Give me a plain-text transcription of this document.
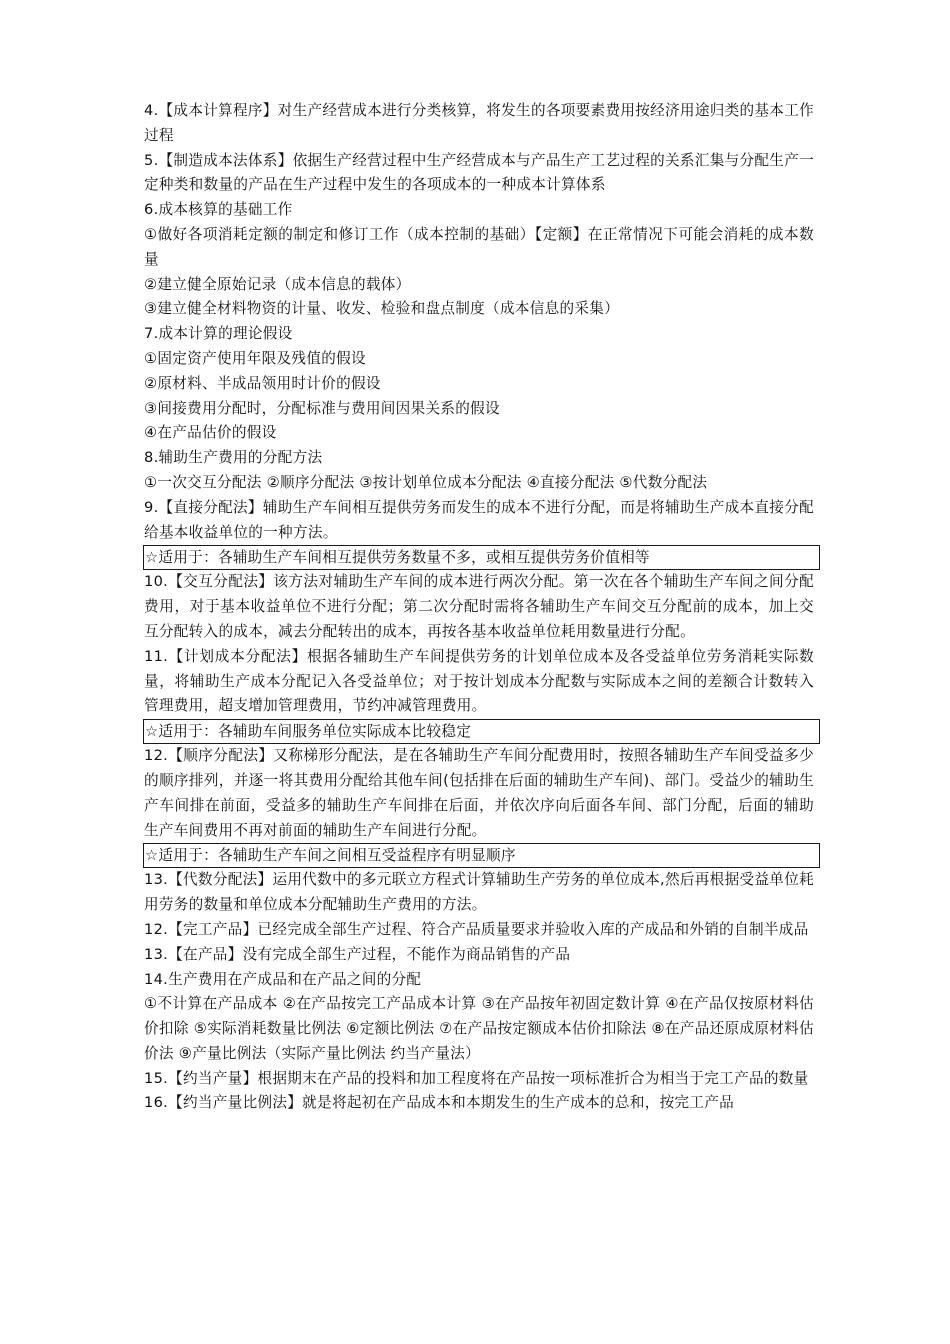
4.【成本计算程序】对生产经营成本进行分类核算，将发生的各项要素费用按经济用途归类的基本工作过程
5.【制造成本法体系】依据生产经营过程中生产经营成本与产品生产工艺过程的关系汇集与分配生产一定种类和数量的产品在生产过程中发生的各项成本的一种成本计算体系
6.成本核算的基础工作
①做好各项消耗定额的制定和修订工作（成本控制的基础）【定额】在正常情况下可能会消耗的成本数量
②建立健全原始记录（成本信息的载体）
③建立健全材料物资的计量、收发、检验和盘点制度（成本信息的采集）
7.成本计算的理论假设
①固定资产使用年限及残值的假设
②原材料、半成品领用时计价的假设
③间接费用分配时，分配标准与费用间因果关系的假设
④在产品估价的假设
8.辅助生产费用的分配方法
①一次交互分配法 ②顺序分配法 ③按计划单位成本分配法 ④直接分配法 ⑤代数分配法
9.【直接分配法】辅助生产车间相互提供劳务而发生的成本不进行分配，而是将辅助生产成本直接分配给基本收益单位的一种方法。
☆适用于：各辅助生产车间相互提供劳务数量不多，或相互提供劳务价值相等
10.【交互分配法】该方法对辅助生产车间的成本进行两次分配。第一次在各个辅助生产车间之间分配费用，对于基本收益单位不进行分配；第二次分配时需将各辅助生产车间交互分配前的成本，加上交互分配转入的成本，减去分配转出的成本，再按各基本收益单位耗用数量进行分配。
11.【计划成本分配法】根据各辅助生产车间提供劳务的计划单位成本及各受益单位劳务消耗实际数量，将辅助生产成本分配记入各受益单位；对于按计划成本分配数与实际成本之间的差额合计数转入管理费用，超支增加管理费用，节约冲减管理费用。
☆适用于：各辅助车间服务单位实际成本比较稳定
12.【顺序分配法】又称梯形分配法，是在各辅助生产车间分配费用时，按照各辅助生产车间受益多少的顺序排列，并逐一将其费用分配给其他车间(包括排在后面的辅助生产车间)、部门。受益少的辅助生产车间排在前面，受益多的辅助生产车间排在后面，并依次序向后面各车间、部门分配，后面的辅助生产车间费用不再对前面的辅助生产车间进行分配。
☆适用于：各辅助生产车间之间相互受益程序有明显顺序
13.【代数分配法】运用代数中的多元联立方程式计算辅助生产劳务的单位成本,然后再根据受益单位耗用劳务的数量和单位成本分配辅助生产费用的方法。
12.【完工产品】已经完成全部生产过程、符合产品质量要求并验收入库的产成品和外销的自制半成品
13.【在产品】没有完成全部生产过程，不能作为商品销售的产品
14.生产费用在产成品和在产品之间的分配
①不计算在产品成本 ②在产品按完工产品成本计算 ③在产品按年初固定数计算 ④在产品仅按原材料估价扣除 ⑤实际消耗数量比例法 ⑥定额比例法 ⑦在产品按定额成本估价扣除法 ⑧在产品还原成原材料估价法 ⑨产量比例法（实际产量比例法 约当产量法）
15.【约当产量】根据期末在产品的投料和加工程度将在产品按一项标准折合为相当于完工产品的数量
16.【约当产量比例法】就是将起初在产品成本和本期发生的生产成本的总和，按完工产品
